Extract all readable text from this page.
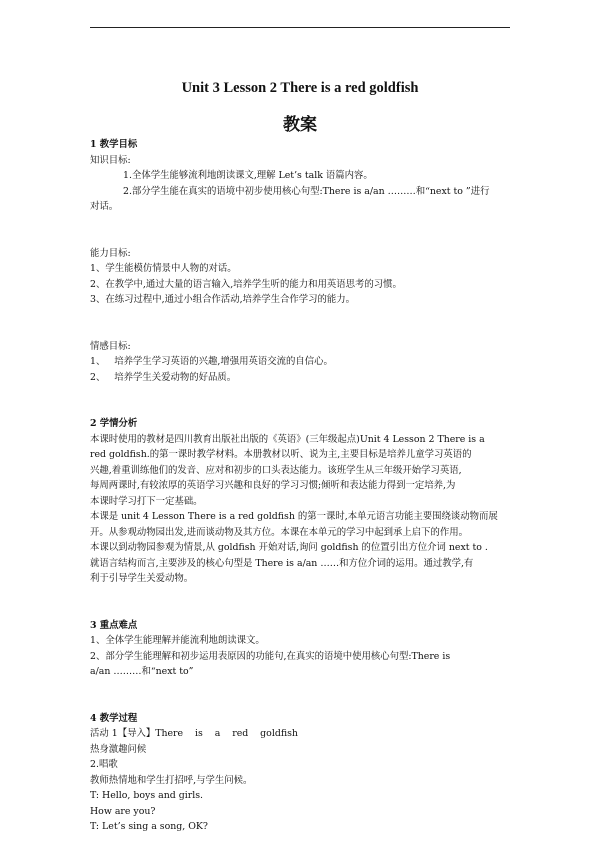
Unit 3 Lesson 2 There is a red goldfish
教案

1 教学目标

知识目标:

1.全体学生能够流利地朗读课文,理解 Let’s talk 语篇内容。

2.部分学生能在真实的语境中初步使用核心句型:There is a/an ………和“next to ”进行

对话。

能力目标:

1、学生能模仿情景中人物的对话。

2、在教学中,通过大量的语言输入,培养学生听的能力和用英语思考的习惯。

3、在练习过程中,通过小组合作活动,培养学生合作学习的能力。

情感目标:

1、   培养学生学习英语的兴趣,增强用英语交流的自信心。

2、   培养学生关爱动物的好品质。

2 学情分析

本课时使用的教材是四川教育出版社出版的《英语》(三年级起点)Unit 4 Lesson 2 There is a

red goldfish.的第一课时教学材料。本册教材以听、说为主,主要目标是培养儿童学习英语的

兴趣,着重训练他们的发音、应对和初步的口头表达能力。该班学生从三年级开始学习英语,

每周两课时,有较浓厚的英语学习兴趣和良好的学习习惯;倾听和表达能力得到一定培养,为

本课时学习打下一定基础。

本课是 unit 4 Lesson There is a red goldfish 的第一课时,本单元语言功能主要围绕谈动物而展

开。从参观动物园出发,进而谈动物及其方位。本课在本单元的学习中起到承上启下的作用。

本课以到动物园参观为情景,从 goldfish 开始对话,询问 goldfish 的位置引出方位介词 next to .

就语言结构而言,主要涉及的核心句型是 There is a/an ……和方位介词的运用。通过教学,有

利于引导学生关爱动物。

3 重点难点

1、全体学生能理解并能流利地朗读课文。

2、部分学生能理解和初步运用表原因的功能句,在真实的语境中使用核心句型:There is

a/an ………和“next to”

4 教学过程

活动 1【导入】There    is    a    red    goldfish

热身激趣问候

2.唱歌

教师热情地和学生打招呼,与学生问候。

T: Hello, boys and girls.

How are you?

T: Let’s sing a song, OK?
